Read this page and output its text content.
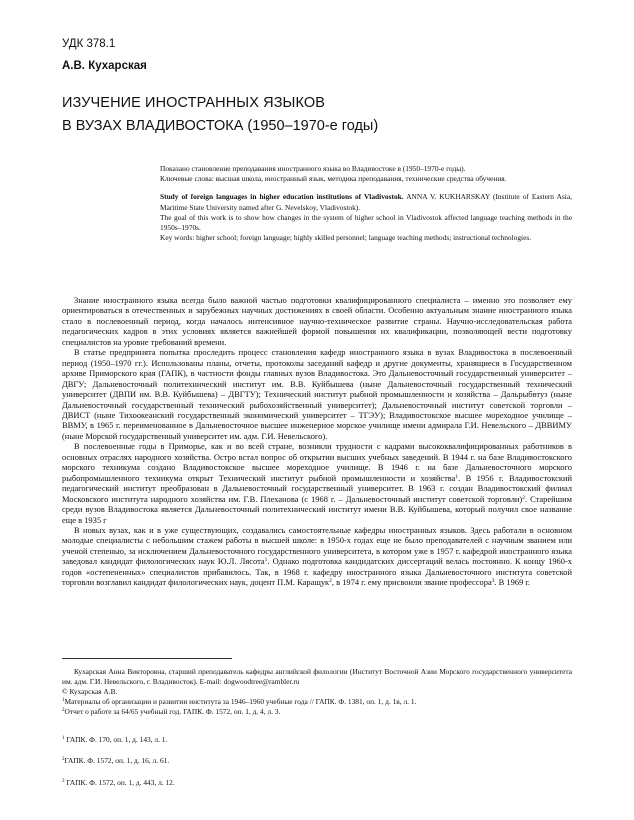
УДК 378.1
А.В. Кухарская
ИЗУЧЕНИЕ ИНОСТРАННЫХ ЯЗЫКОВ
В ВУЗАХ ВЛАДИВОСТОКА (1950–1970-е годы)

Показано становление преподавания иностранного языка во Владивостоке в (1950–1970-е годы).

Ключевые слова: высшая школа, иностранный язык, методика преподавания, технические средства обучения.

Study of foreign languages in higher education institutions of Vladivostok. ANNA V. KUKHARSKAY (Institute of Eastern Asia, Maritime State University named after G. Nevelskoy, Vladivostok).

The goal of this work is to show how changes in the system of higher school in Vladivostok affected language teaching methods in the 1950s–1970s.

Key words: higher school; foreign language; highly skilled personnel; language teaching methods; instructional technologies.

Знание иностранного языка всегда было важной частью подготовки квалифицированного специалиста – именно это позволяет ему ориентироваться в отечественных и зарубежных научных достижениях в своей области. Особенно актуальным знание иностранного языка стало в послевоенный период, когда началось интенсивное научно-техническое развитие страны. Научно-исследовательская работа педагогических кадров в этих условиях является важнейшей формой повышения их квалификации, позволяющей вести подготовку специалистов на уровне требований времени.

В статье предпринята попытка проследить процесс становления кафедр иностранного языка в вузах Владивостока в послевоенный период (1950–1970 гг.). Использованы планы, отчеты, протоколы заседаний кафедр и другие документы, хранящиеся в Государственном архиве Приморского края (ГАПК), в частности фонды главных вузов Владивостока. Это Дальневосточный государственный университет – ДВГУ; Дальневосточный политехнический институт им. В.В. Куйбышева (ныне Дальневосточный государственный технический университет (ДВПИ им. В.В. Куйбышева) – ДВГТУ); Технический институт рыбной промышленности и хозяйства – Дальрыбвтуз (ныне Дальневосточный государственный технический рыбохозяйственный университет); Дальневосточный институт советской торговли – ДВИСТ (ныне Тихоокеанский государственный экономический университет – ТГЭУ); Владивостокское высшее мореходное училище – ВВМУ, в 1965 г. переименованное в Дальневосточное высшее инженерное морское училище имени адмирала Г.И. Невельского – ДВВИМУ (ныне Морской государственный университет им. адм. Г.И. Невельского).

В послевоенные годы в Приморье, как и во всей стране, возникли трудности с кадрами высококвалифицированных работников в основных отраслях народного хозяйства. Остро встал вопрос об открытии высших учебных заведений. В 1944 г. на базе Владивостокского морского техникума создано Владивостокское высшее мореходное училище. В 1946 г. на базе Дальневосточного морского рыбопромышленного техникума открыт Технический институт рыбной промышленности и хозяйства$^1$. В 1956 г. Владивостокский педагогический институт преобразован в Дальневосточный государственный университет. В 1963 г. создан Владивостокский филиал Московского института народного хозяйства им. Г.В. Плеханова (с 1968 г. – Дальневосточный институт советской торговли)$^2$. Старейшим среди вузов Владивостока является Дальневосточный политехнический институт имени В.В. Куйбышева, который получил свое название еще в 1935 г

В новых вузах, как и в уже существующих, создавались самостоятельные кафедры иностранных языков. Здесь работали в основном молодые специалисты с небольшим стажем работы в высшей школе: в 1950-х годах еще не было преподавателей с научным званием или ученой степенью, за исключением Дальневосточного государственного университета, в котором уже в 1957 г. кафедрой иностранного языка заведовал кандидат филологических наук Ю.Л. Лясота$^1$. Однако подготовка кандидатских диссертаций велась постоянно. К концу 1960-х годов «остепененных» специалистов прибавилось. Так, в 1968 г. кафедру иностранного языка Дальневосточного института советской торговли возглавил кандидат филологических наук, доцент П.М. Каращук$^2$, в 1974 г. ему присвоили звание профессора$^3$. В 1969 г.

Кухарская Анна Викторовна, старший преподаватель кафедры английской филологии (Институт Восточной Азии Морского государственного университета им. адм. Г.И. Невельского, г. Владивосток). E-mail: dogwoodtree@rambler.ru

© Кухарская А.В.

$^1$Материалы об организации и развитии института за 1946–1960 учебные года // ГАПК. Ф. 1381, оп. 1, д. 1в, л. 1.

$^2$Отчет о работе за 64/65 учебный год. ГАПК. Ф. 1572, оп. 1, д. 4, л. 3.

$^1$ ГАПК. Ф. 170, оп. 1, д. 143, л. 1.
$^2$ГАПК. Ф. 1572, оп. 1, д. 16, л. 61.
$^3$ ГАПК. Ф. 1572, оп. 1, д. 443, л. 12.
